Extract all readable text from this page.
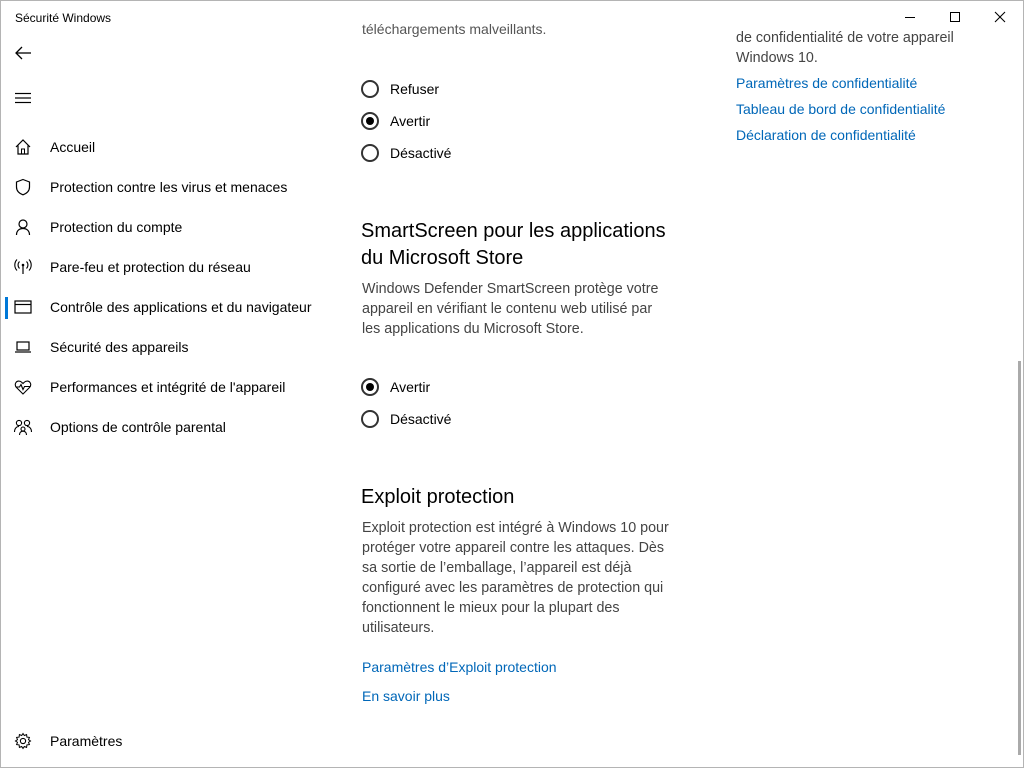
Sécurité Windows
Accueil
Protection contre les virus et menaces
Protection du compte
Pare-feu et protection du réseau
Contrôle des applications et du navigateur
Sécurité des appareils
Performances et intégrité de l'appareil
Options de contrôle parental
Paramètres
téléchargements malveillants.
Refuser
Avertir
Désactivé
SmartScreen pour les applications
du Microsoft Store
Windows Defender SmartScreen protège votre
appareil en vérifiant le contenu web utilisé par
les applications du Microsoft Store.
Avertir
Désactivé
Exploit protection
Exploit protection est intégré à Windows 10 pour
protéger votre appareil contre les attaques. Dès
sa sortie de l’emballage, l’appareil est déjà
configuré avec les paramètres de protection qui
fonctionnent le mieux pour la plupart des
utilisateurs.
Paramètres d’Exploit protection
En savoir plus
de confidentialité de votre appareil
Windows 10.
Paramètres de confidentialité
Tableau de bord de confidentialité
Déclaration de confidentialité
